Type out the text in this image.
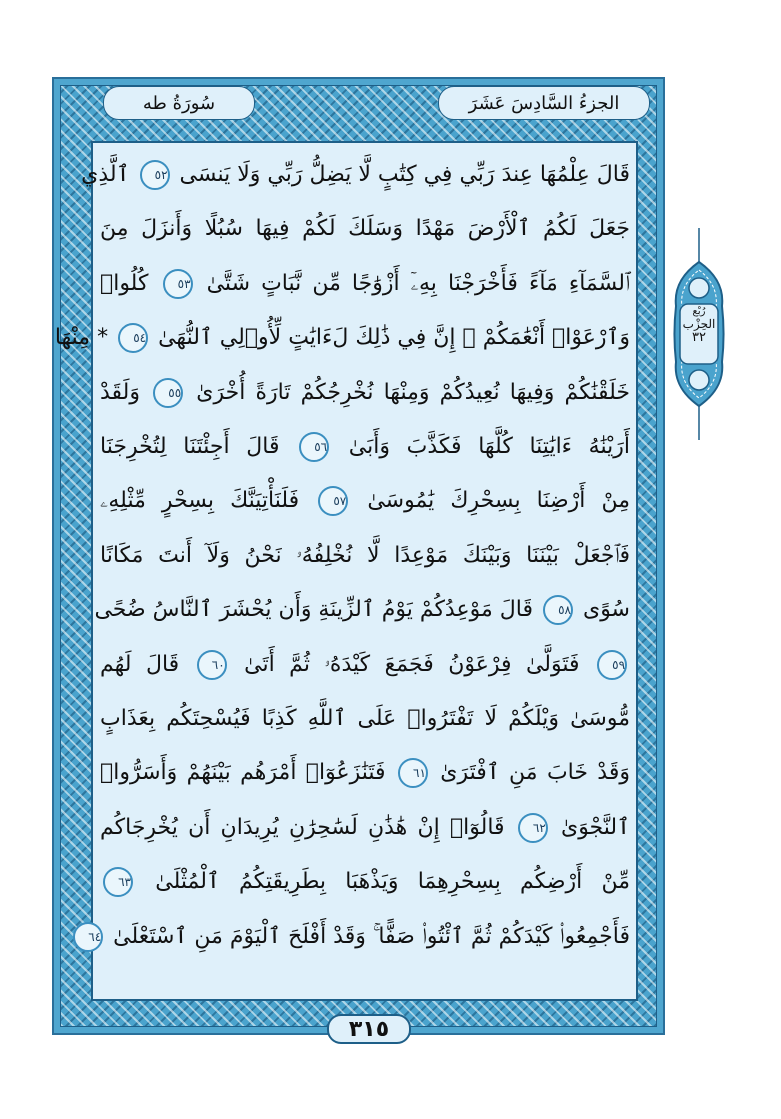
الجزءُ السَّادِسَ عَشَرَ
سُورَةُ طه
رُبْع
الحِزْب
٣٢
قَالَ عِلْمُهَا عِندَ رَبِّي فِي كِتَٰبٍ لَّا يَضِلُّ رَبِّي وَلَا يَنسَى ٥٢ ٱلَّذِي
جَعَلَ لَكُمُ ٱلْأَرْضَ مَهْدًا وَسَلَكَ لَكُمْ فِيهَا سُبُلًا وَأَنزَلَ مِنَ
ٱلسَّمَآءِ مَآءً فَأَخْرَجْنَا بِهِۦٓ أَزْوَٰجًا مِّن نَّبَاتٍ شَتَّىٰ ٥٣ كُلُوا۟
وَٱرْعَوْا۟ أَنْعَٰمَكُمْ ۗ إِنَّ فِي ذَٰلِكَ لَءَايَٰتٍ لِّأُو۟لِي ٱلنُّهَىٰ ٥٤ * مِنْهَا
خَلَقْنَٰكُمْ وَفِيهَا نُعِيدُكُمْ وَمِنْهَا نُخْرِجُكُمْ تَارَةً أُخْرَىٰ ٥٥ وَلَقَدْ
أَرَيْنَٰهُ ءَايَٰتِنَا كُلَّهَا فَكَذَّبَ وَأَبَىٰ ٥٦ قَالَ أَجِئْتَنَا لِتُخْرِجَنَا
مِنْ أَرْضِنَا بِسِحْرِكَ يَٰمُوسَىٰ ٥٧ فَلَنَأْتِيَنَّكَ بِسِحْرٍ مِّثْلِهِۦ
فَٱجْعَلْ بَيْنَنَا وَبَيْنَكَ مَوْعِدًا لَّا نُخْلِفُهُۥ نَحْنُ وَلَآ أَنتَ مَكَانًا
سُوًى ٥٨ قَالَ مَوْعِدُكُمْ يَوْمُ ٱلزِّينَةِ وَأَن يُحْشَرَ ٱلنَّاسُ ضُحًى
٥٩ فَتَوَلَّىٰ فِرْعَوْنُ فَجَمَعَ كَيْدَهُۥ ثُمَّ أَتَىٰ ٦٠ قَالَ لَهُم
مُّوسَىٰ وَيْلَكُمْ لَا تَفْتَرُوا۟ عَلَى ٱللَّهِ كَذِبًا فَيُسْحِتَكُم بِعَذَابٍ
وَقَدْ خَابَ مَنِ ٱفْتَرَىٰ ٦١ فَتَنَٰزَعُوٓا۟ أَمْرَهُم بَيْنَهُمْ وَأَسَرُّوا۟
ٱلنَّجْوَىٰ ٦٢ قَالُوٓا۟ إِنْ هَٰذَٰنِ لَسَٰحِرَٰنِ يُرِيدَانِ أَن يُخْرِجَاكُم
مِّنْ أَرْضِكُم بِسِحْرِهِمَا وَيَذْهَبَا بِطَرِيقَتِكُمُ ٱلْمُثْلَىٰ ٦٣
فَأَجْمِعُوا۟ كَيْدَكُمْ ثُمَّ ٱئْتُوا۟ صَفًّا ۚ وَقَدْ أَفْلَحَ ٱلْيَوْمَ مَنِ ٱسْتَعْلَىٰ ٦٤
٣١٥
